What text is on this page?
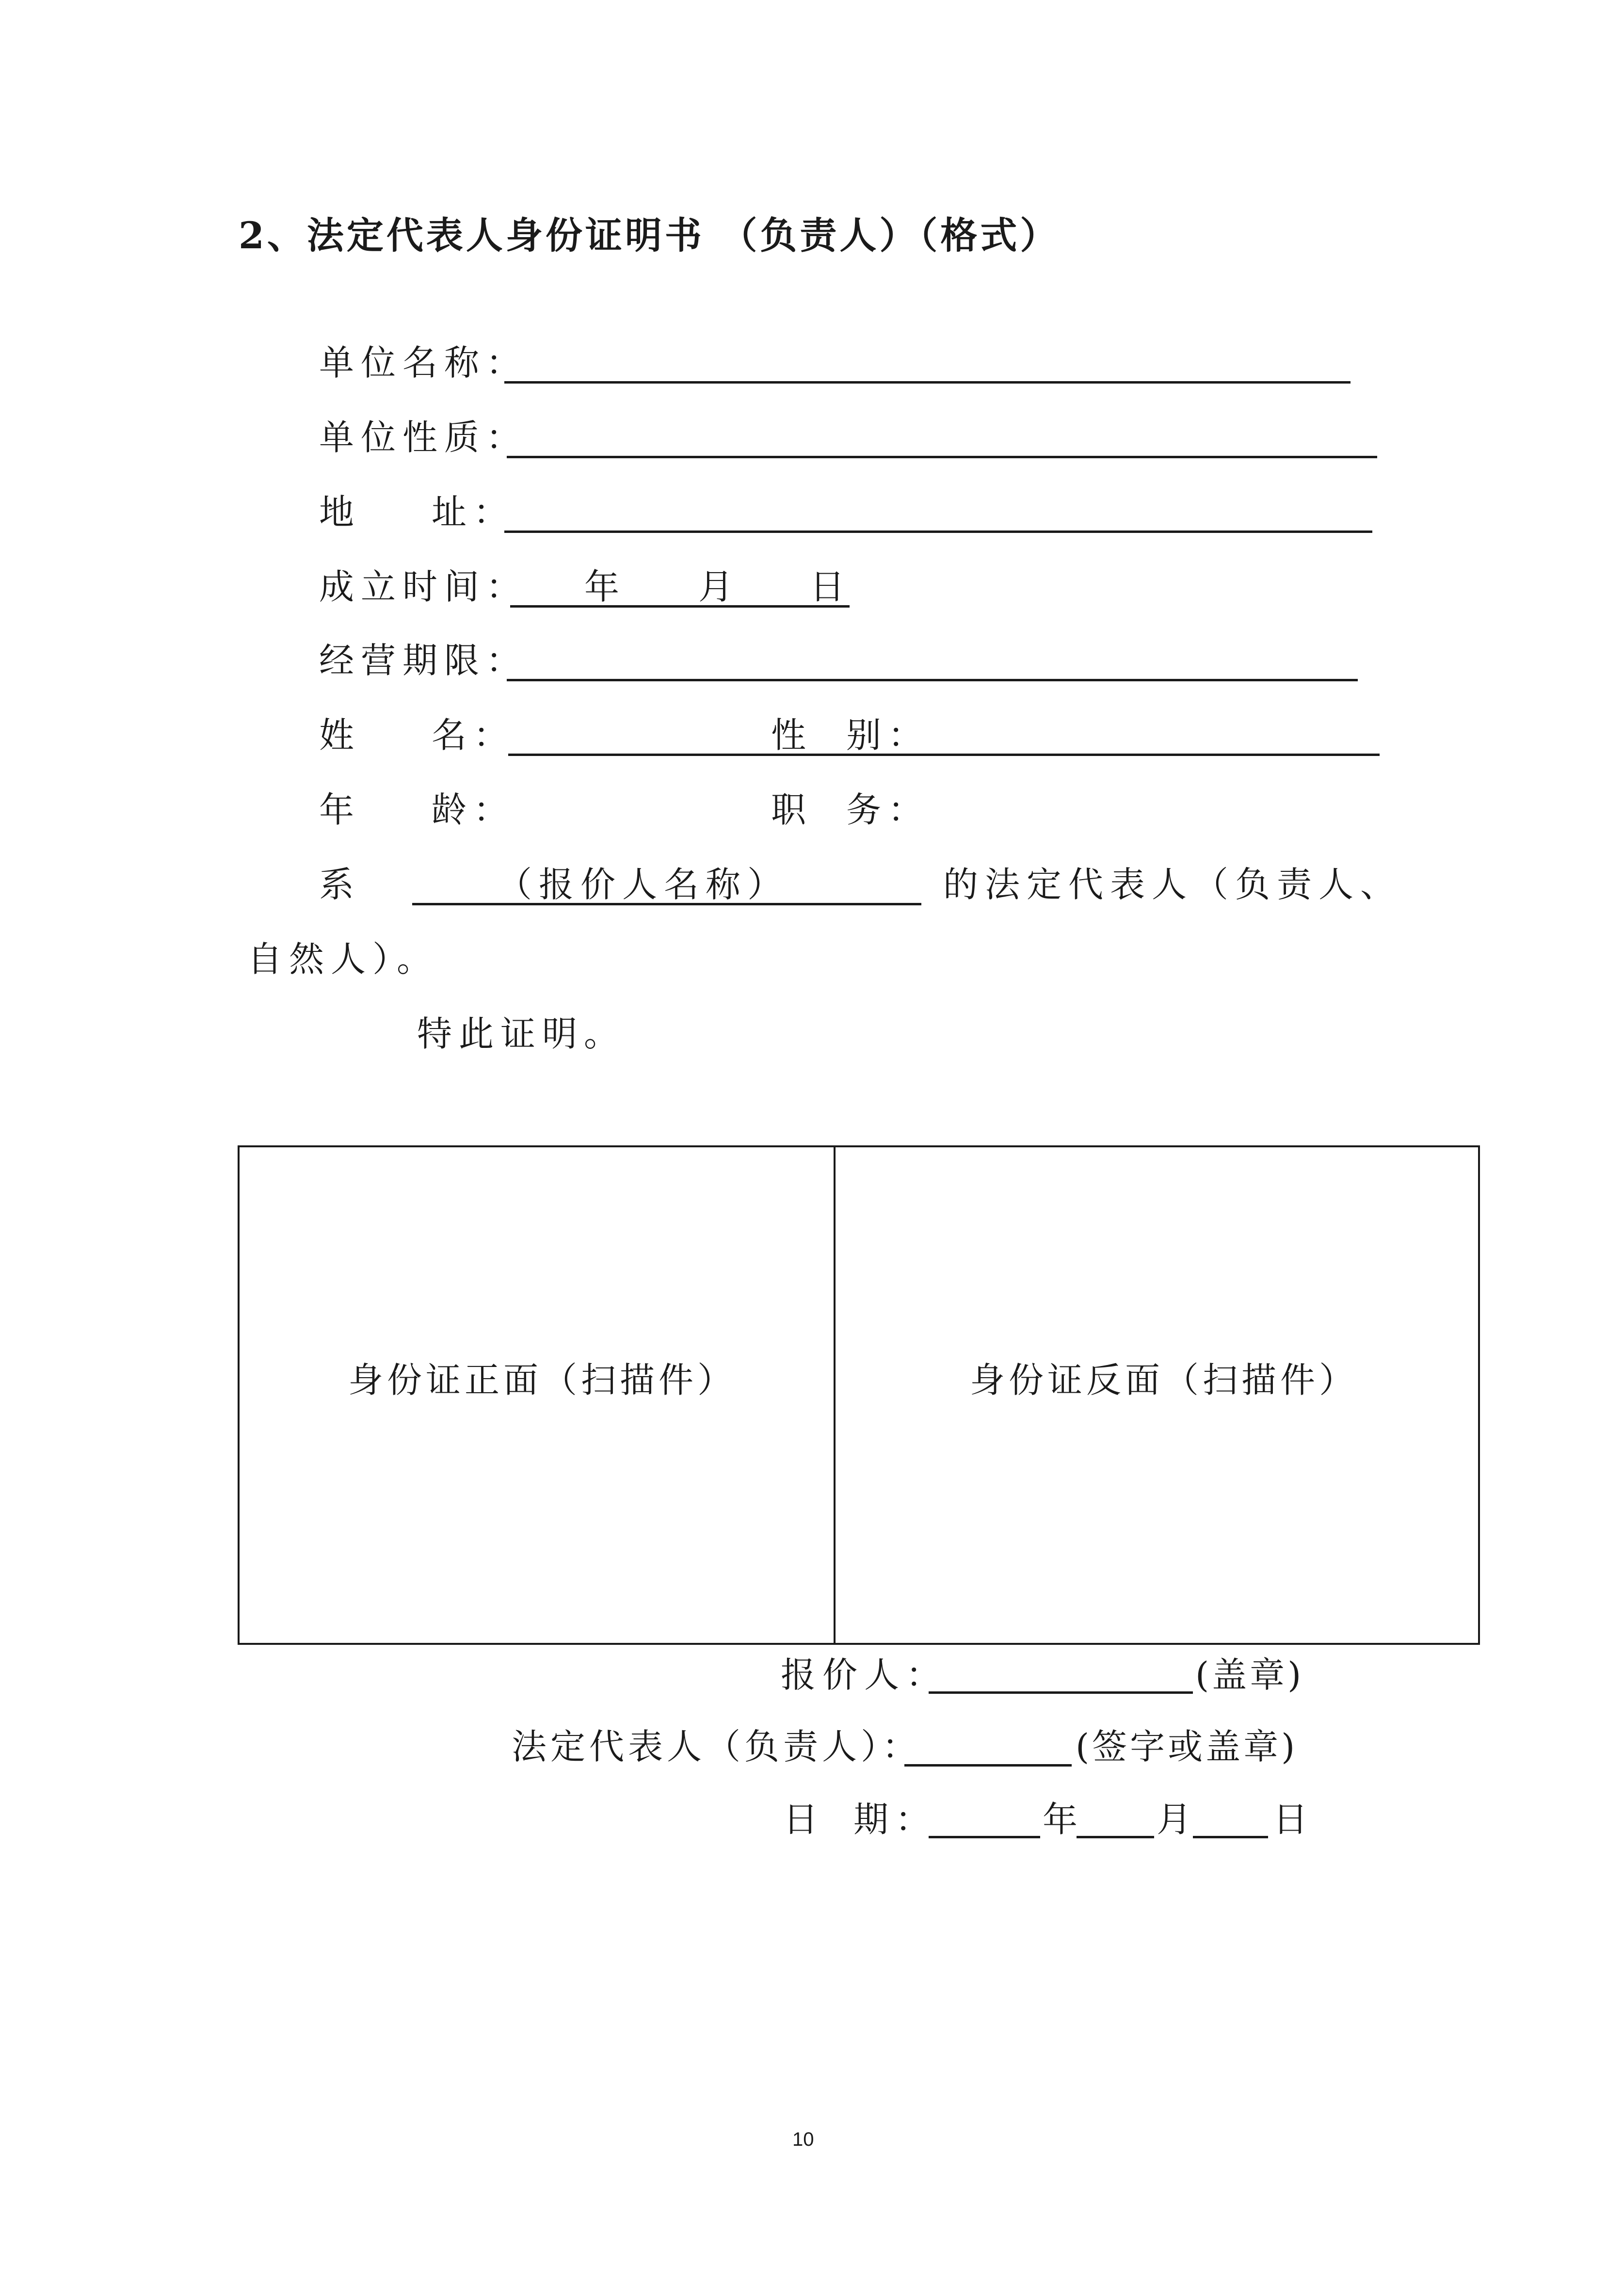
2、法定代表人身份证明书 （负责人）（格式）
单位名称：
单位性质：
地 址：
成立时间： 年 月 日
经营期限：
姓 名：	性 别：
年 龄：	职 务：
系	（报价人名称）	的法定代表人（负责人、
自然人）。
特此证明。
身份证正面（扫描件）	身份证反面（扫描件）
报价人：	(盖章)
法定代表人（负责人）：	(签字或盖章)
日 期：	年 月 日
10
